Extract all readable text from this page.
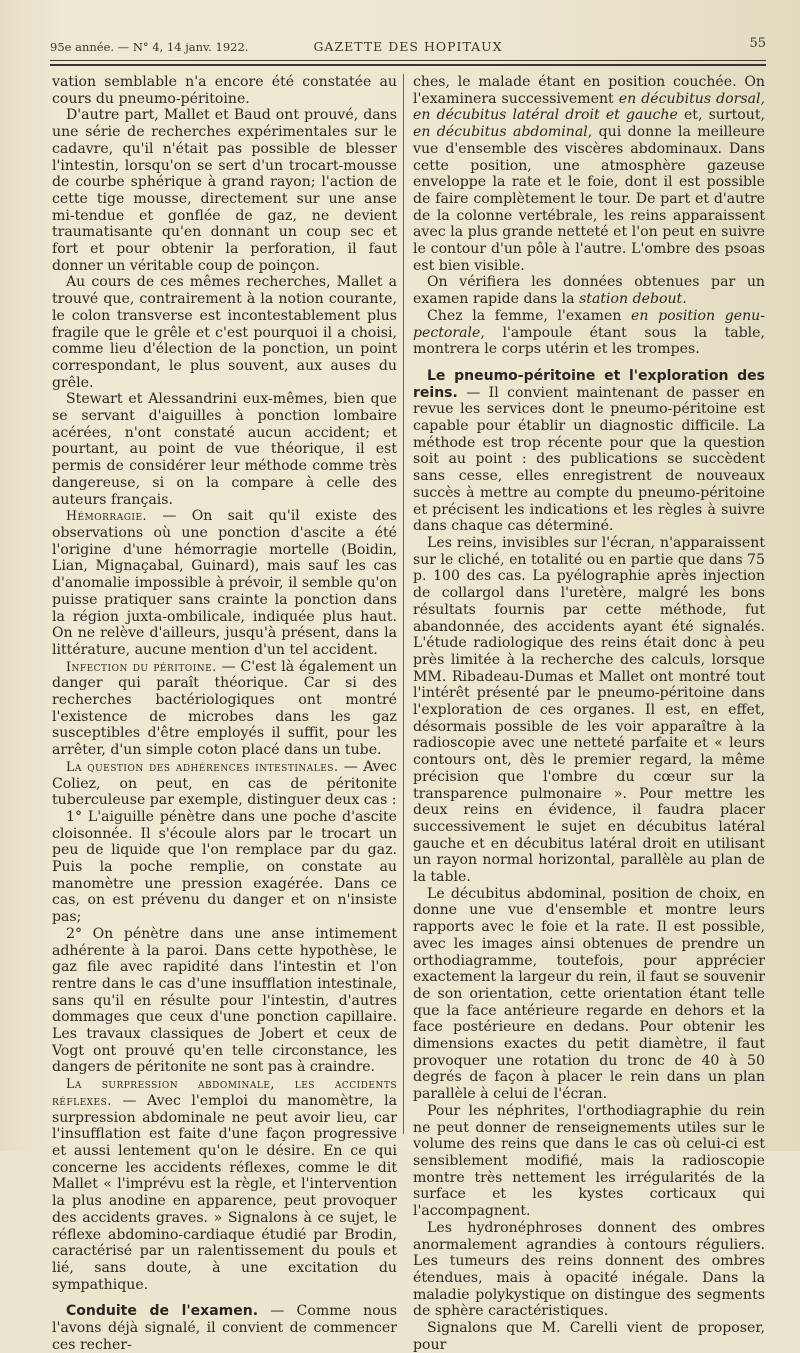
95e année. — N° 4, 14 janv. 1922.	GAZETTE DES HOPITAUX	55

vation semblable n'a encore été constatée au cours du pneumo-péritoine.

D'autre part, Mallet et Baud ont prouvé, dans une série de recherches expérimentales sur le cadavre, qu'il n'était pas possible de blesser l'intestin, lorsqu'on se sert d'un trocart-mousse de courbe sphérique à grand rayon; l'action de cette tige mousse, directement sur une anse mi-tendue et gonflée de gaz, ne devient traumatisante qu'en donnant un coup sec et fort et pour obtenir la perforation, il faut donner un véritable coup de poinçon.

Au cours de ces mêmes recherches, Mallet a trouvé que, contrairement à la notion courante, le colon transverse est incontestablement plus fragile que le grêle et c'est pourquoi il a choisi, comme lieu d'élection de la ponction, un point correspondant, le plus souvent, aux auses du grêle.

Stewart et Alessandrini eux-mêmes, bien que se servant d'aiguilles à ponction lombaire acérées, n'ont constaté aucun accident; et pourtant, au point de vue théorique, il est permis de considérer leur méthode comme très dangereuse, si on la compare à celle des auteurs français.

Hémorragie. — On sait qu'il existe des observations où une ponction d'ascite a été l'origine d'une hémorragie mortelle (Boidin, Lian, Mignaçabal, Guinard), mais sauf les cas d'anomalie impossible à prévoir, il semble qu'on puisse pratiquer sans crainte la ponction dans la région juxta-ombilicale, indiquée plus haut. On ne relève d'ailleurs, jusqu'à présent, dans la littérature, aucune mention d'un tel accident.

Infection du péritoine. — C'est là également un danger qui paraît théorique. Car si des recherches bactériologiques ont montré l'existence de microbes dans les gaz susceptibles d'être employés il suffit, pour les arrêter, d'un simple coton placé dans un tube.

La question des adhérences intestinales. — Avec Coliez, on peut, en cas de péritonite tuberculeuse par exemple, distinguer deux cas :

1° L'aiguille pénètre dans une poche d'ascite cloisonnée. Il s'écoule alors par le trocart un peu de liquide que l'on remplace par du gaz. Puis la poche remplie, on constate au manomètre une pression exagérée. Dans ce cas, on est prévenu du danger et on n'insiste pas;

2° On pénètre dans une anse intimement adhérente à la paroi. Dans cette hypothèse, le gaz file avec rapidité dans l'intestin et l'on rentre dans le cas d'une insufflation intestinale, sans qu'il en résulte pour l'intestin, d'autres dommages que ceux d'une ponction capillaire. Les travaux classiques de Jobert et ceux de Vogt ont prouvé qu'en telle circonstance, les dangers de péritonite ne sont pas à craindre.

La surpression abdominale, les accidents réflexes. — Avec l'emploi du manomètre, la surpression abdominale ne peut avoir lieu, car l'insufflation est faite d'une façon progressive et aussi lentement qu'on le désire. En ce qui concerne les accidents réflexes, comme le dit Mallet « l'imprévu est la règle, et l'intervention la plus anodine en apparence, peut provoquer des accidents graves. » Signalons à ce sujet, le réflexe abdomino-cardiaque étudié par Brodin, caractérisé par un ralentissement du pouls et lié, sans doute, à une excitation du sympathique.

Conduite de l'examen. — Comme nous l'avons déjà signalé, il convient de commencer ces recher-

ches, le malade étant en position couchée. On l'examinera successivement en décubitus dorsal, en décubitus latéral droit et gauche et, surtout, en décubitus abdominal, qui donne la meilleure vue d'ensemble des viscères abdominaux. Dans cette position, une atmosphère gazeuse enveloppe la rate et le foie, dont il est possible de faire complètement le tour. De part et d'autre de la colonne vertébrale, les reins apparaissent avec la plus grande netteté et l'on peut en suivre le contour d'un pôle à l'autre. L'ombre des psoas est bien visible.

On vérifiera les données obtenues par un examen rapide dans la station debout.

Chez la femme, l'examen en position genu-pectorale, l'ampoule étant sous la table, montrera le corps utérin et les trompes.

Le pneumo-péritoine et l'exploration des reins. — Il convient maintenant de passer en revue les services dont le pneumo-péritoine est capable pour établir un diagnostic difficile. La méthode est trop récente pour que la question soit au point : des publications se succèdent sans cesse, elles enregistrent de nouveaux succès à mettre au compte du pneumo-péritoine et précisent les indications et les règles à suivre dans chaque cas déterminé.

Les reins, invisibles sur l'écran, n'apparaissent sur le cliché, en totalité ou en partie que dans 75 p. 100 des cas. La pyélographie après injection de collargol dans l'uretère, malgré les bons résultats fournis par cette méthode, fut abandonnée, des accidents ayant été signalés. L'étude radiologique des reins était donc à peu près limitée à la recherche des calculs, lorsque MM. Ribadeau-Dumas et Mallet ont montré tout l'intérêt présenté par le pneumo-péritoine dans l'exploration de ces organes. Il est, en effet, désormais possible de les voir apparaître à la radioscopie avec une netteté parfaite et « leurs contours ont, dès le premier regard, la même précision que l'ombre du cœur sur la transparence pulmonaire ». Pour mettre les deux reins en évidence, il faudra placer successivement le sujet en décubitus latéral gauche et en décubitus latéral droit en utilisant un rayon normal horizontal, parallèle au plan de la table.

Le décubitus abdominal, position de choix, en donne une vue d'ensemble et montre leurs rapports avec le foie et la rate. Il est possible, avec les images ainsi obtenues de prendre un orthodiagramme, toutefois, pour apprécier exactement la largeur du rein, il faut se souvenir de son orientation, cette orientation étant telle que la face antérieure regarde en dehors et la face postérieure en dedans. Pour obtenir les dimensions exactes du petit diamètre, il faut provoquer une rotation du tronc de 40 à 50 degrés de façon à placer le rein dans un plan parallèle à celui de l'écran.

Pour les néphrites, l'orthodiagraphie du rein ne peut donner de renseignements utiles sur le volume des reins que dans le cas où celui-ci est sensiblement modifié, mais la radioscopie montre très nettement les irrégularités de la surface et les kystes corticaux qui l'accompagnent.

Les hydronéphroses donnent des ombres anormalement agrandies à contours réguliers. Les tumeurs des reins donnent des ombres étendues, mais à opacité inégale. Dans la maladie polykystique on distingue des segments de sphère caractéristiques.

Signalons que M. Carelli vient de proposer, pour
